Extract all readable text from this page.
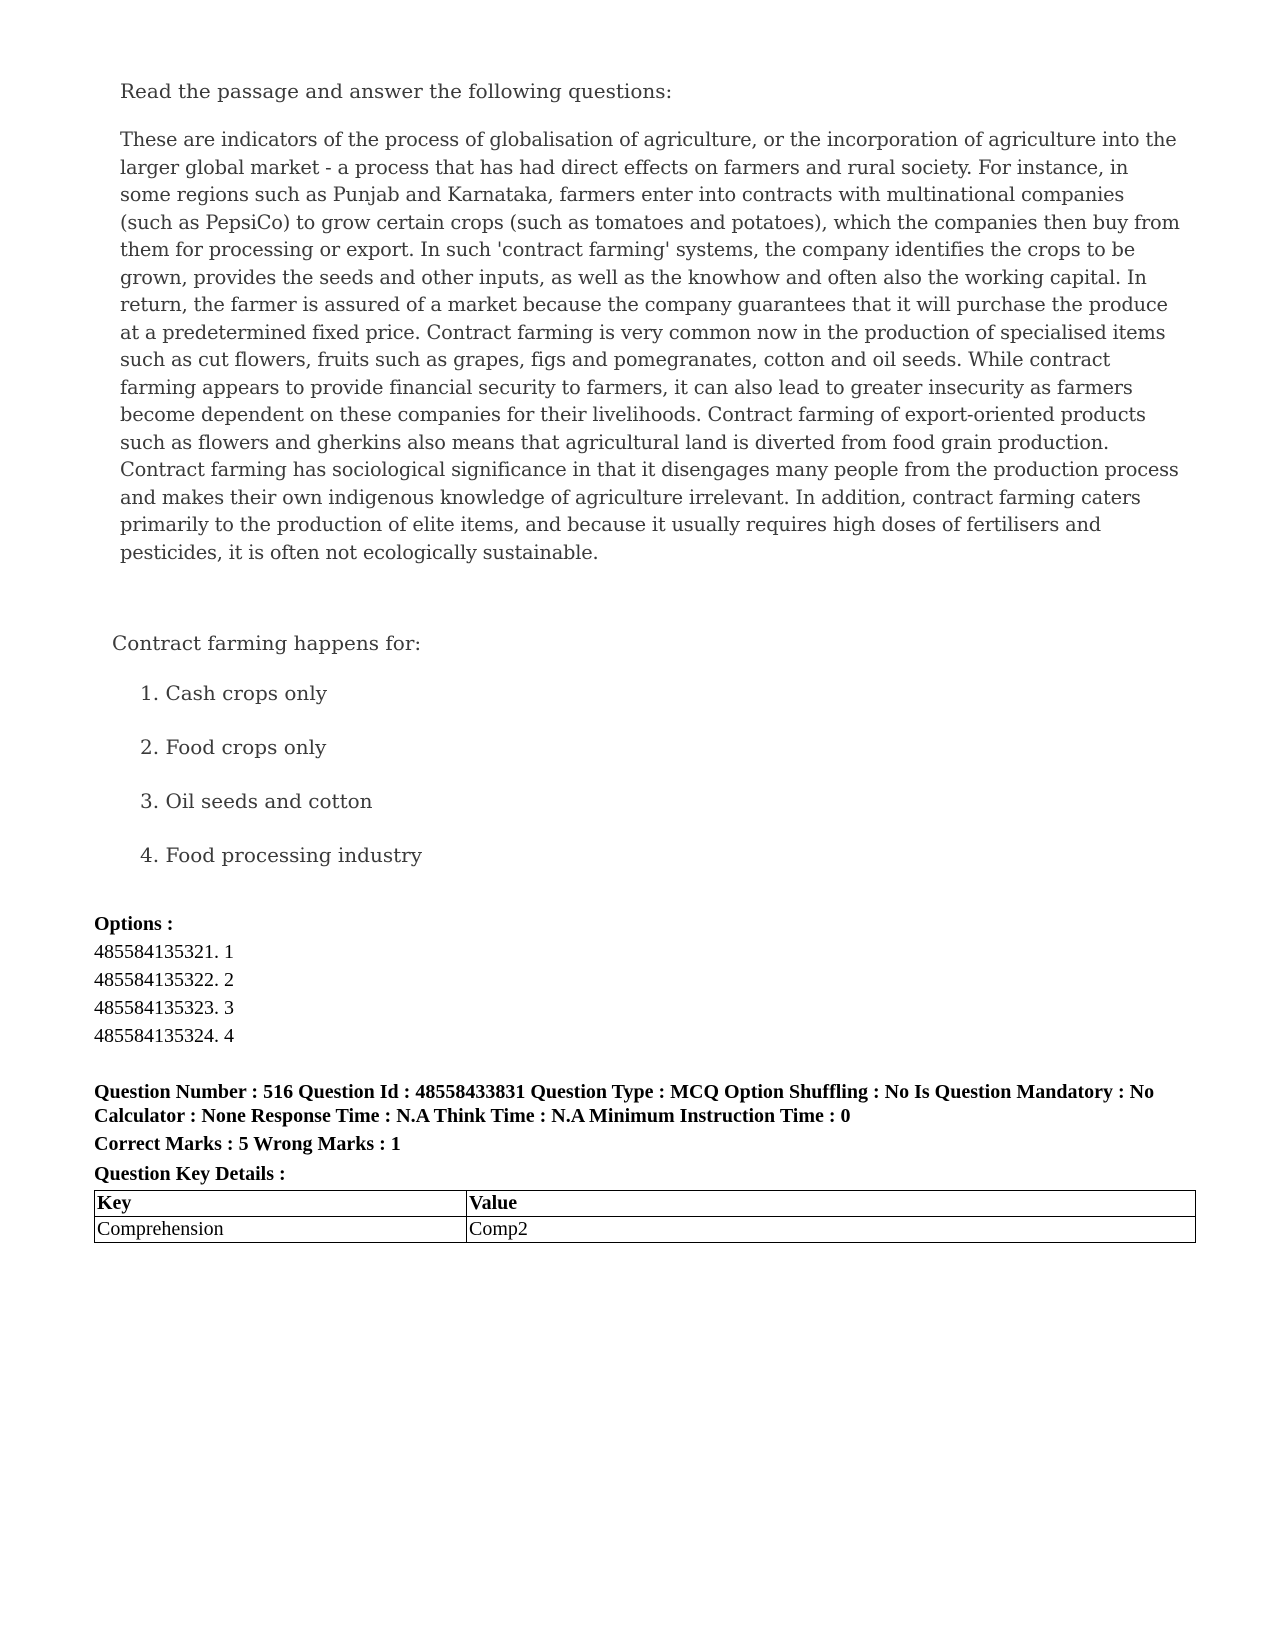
Read the passage and answer the following questions:
These are indicators of the process of globalisation of agriculture, or the incorporation of agriculture into the larger global market - a process that has had direct effects on farmers and rural society. For instance, in some regions such as Punjab and Karnataka, farmers enter into contracts with multinational companies (such as PepsiCo) to grow certain crops (such as tomatoes and potatoes), which the companies then buy from them for processing or export. In such 'contract farming' systems, the company identifies the crops to be grown, provides the seeds and other inputs, as well as the knowhow and often also the working capital. In return, the farmer is assured of a market because the company guarantees that it will purchase the produce at a predetermined fixed price. Contract farming is very common now in the production of specialised items such as cut flowers, fruits such as grapes, figs and pomegranates, cotton and oil seeds. While contract farming appears to provide financial security to farmers, it can also lead to greater insecurity as farmers become dependent on these companies for their livelihoods. Contract farming of export-oriented products such as flowers and gherkins also means that agricultural land is diverted from food grain production. Contract farming has sociological significance in that it disengages many people from the production process and makes their own indigenous knowledge of agriculture irrelevant. In addition, contract farming caters primarily to the production of elite items, and because it usually requires high doses of fertilisers and pesticides, it is often not ecologically sustainable.
Contract farming happens for:
1. Cash crops only
2. Food crops only
3. Oil seeds and cotton
4. Food processing industry
Options :
485584135321. 1
485584135322. 2
485584135323. 3
485584135324. 4
Question Number : 516 Question Id : 48558433831 Question Type : MCQ Option Shuffling : No Is Question Mandatory : No Calculator : None Response Time : N.A Think Time : N.A Minimum Instruction Time : 0
Correct Marks : 5 Wrong Marks : 1
Question Key Details :
Key	Value
Comprehension	Comp2
